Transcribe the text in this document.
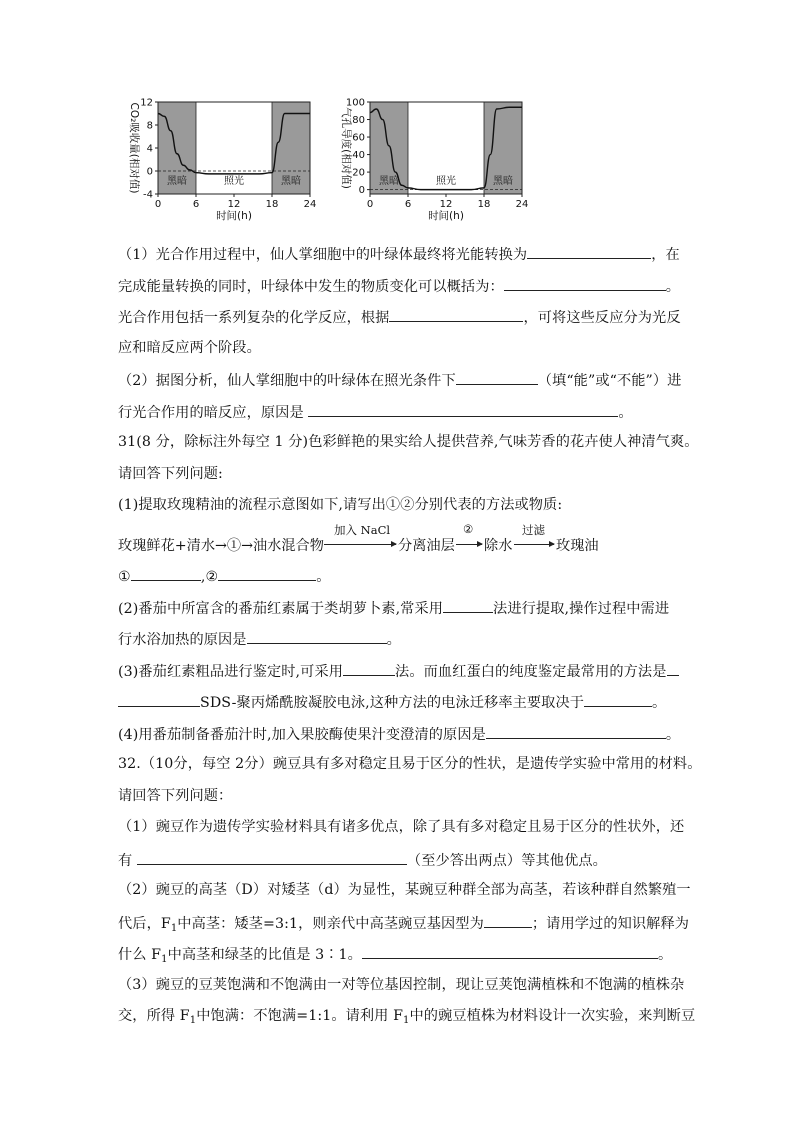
12
8
4
0
-4
0	6	12	18	24
时间(h)
CO₂吸收量(相对值)	黑暗	照光	黑暗
100
80
60
40
20
0
0	6	12	18	24
时间(h)
气孔导度(相对值)	黑暗	照光	黑暗
（1）光合作用过程中，仙人掌细胞中的叶绿体最终将光能转换为	，在
完成能量转换的同时，叶绿体中发生的物质变化可以概括为：	。
光合作用包括一系列复杂的化学反应，根据	，可将这些反应分为光反
应和暗反应两个阶段。
（2）据图分析，仙人掌细胞中的叶绿体在照光条件下	（填“能”或“不能”）进
行光合作用的暗反应，原因是	。
31(8 分，除标注外每空 1 分)色彩鲜艳的果实给人提供营养,气味芳香的花卉使人神清气爽。
请回答下列问题:
(1)提取玫瑰精油的流程示意图如下,请写出①②分别代表的方法或物质:
玫瑰鲜花+清水→①→油水混合物
加入 NaCl
分离油层
②
除水
过滤
玫瑰油
①	,②	。
(2)番茄中所富含的番茄红素属于类胡萝卜素,常采用	法进行提取,操作过程中需进
行水浴加热的原因是	。
(3)番茄红素粗品进行鉴定时,可采用	法。而血红蛋白的纯度鉴定最常用的方法是
SDS-聚丙烯酰胺凝胶电泳,这种方法的电泳迁移率主要取决于	。
(4)用番茄制备番茄汁时,加入果胶酶使果汁变澄清的原因是	。
32.（10分，每空 2分）豌豆具有多对稳定且易于区分的性状，是遗传学实验中常用的材料。
请回答下列问题：
（1）豌豆作为遗传学实验材料具有诸多优点，除了具有多对稳定且易于区分的性状外，还
有	（至少答出两点）等其他优点。
（2）豌豆的高茎（D）对矮茎（d）为显性，某豌豆种群全部为高茎，若该种群自然繁殖一
代后，$F_1$中高茎：矮茎=3:1，则亲代中高茎豌豆基因型为	；请用学过的知识解释为
什么 $F_1$中高茎和绿茎的比值是 3∶1。	。
（3）豌豆的豆荚饱满和不饱满由一对等位基因控制，现让豆荚饱满植株和不饱满的植株杂
交，所得 $F_1$中饱满：不饱满=1:1。请利用 $F_1$中的豌豆植株为材料设计一次实验，来判断豆
